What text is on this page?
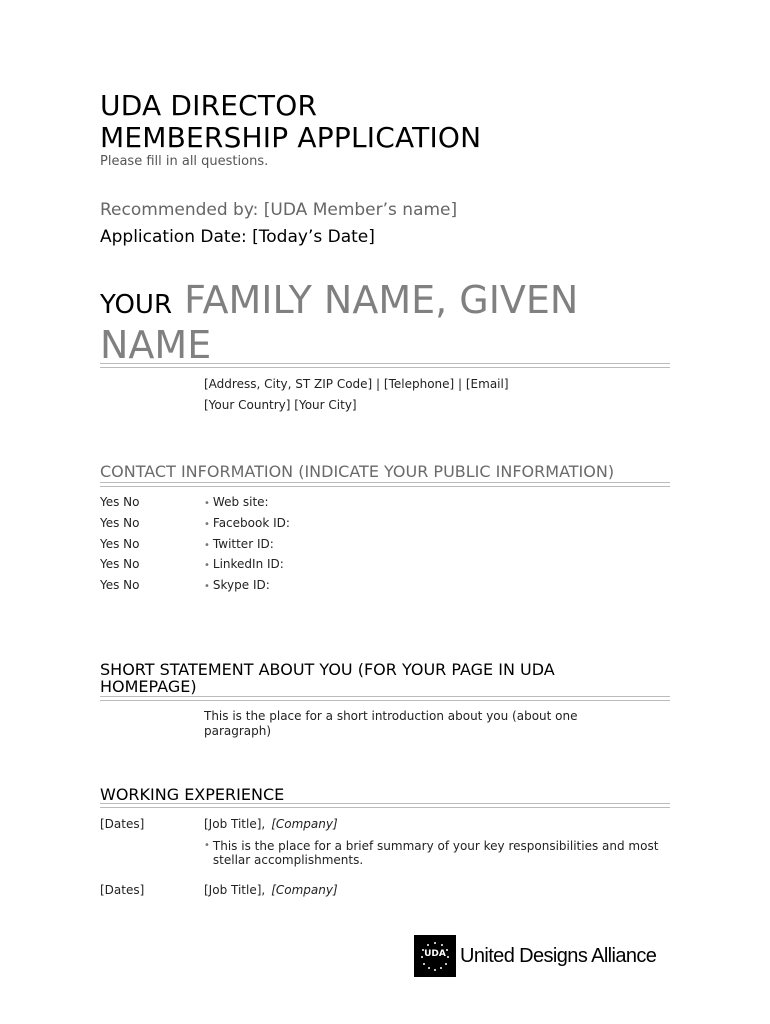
UDA DIRECTOR
MEMBERSHIP APPLICATION
Please fill in all questions.
Recommended by: [UDA Member’s name]
Application Date: [Today’s Date]
YOUR FAMILY NAME, GIVEN NAME
[Address, City, ST ZIP Code] | [Telephone] | [Email]
[Your Country] [Your City]
CONTACT INFORMATION (INDICATE YOUR PUBLIC INFORMATION)
Yes No	• Web site:
Yes No	• Facebook ID:
Yes No	• Twitter ID:
Yes No	• LinkedIn ID:
Yes No	• Skype ID:
SHORT STATEMENT ABOUT YOU (FOR YOUR PAGE IN UDA HOMEPAGE)
This is the place for a short introduction about you (about one paragraph)
WORKING EXPERIENCE
[Dates]	[Job Title], [Company]
• This is the place for a brief summary of your key responsibilities and most stellar accomplishments.
[Dates]	[Job Title], [Company]
UDA United Designs Alliance
